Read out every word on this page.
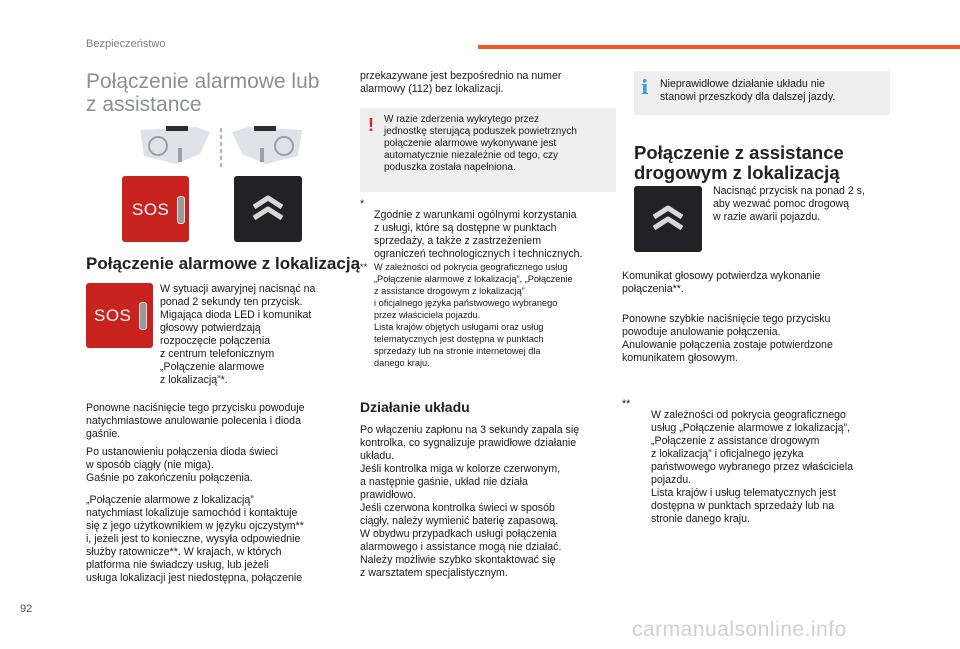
Bezpieczeństwo
Połączenie alarmowe lub
z assistance
SOS
Połączenie alarmowe z lokalizacją
SOS

W sytuacji awaryjnej nacisnąć na
ponad 2 sekundy ten przycisk.
Migająca dioda LED i komunikat
głosowy potwierdzają
rozpoczęcie połączenia
z centrum telefonicznym
„Połączenie alarmowe
z lokalizacją”*.

Ponowne naciśnięcie tego przycisku powoduje
natychmiastowe anulowanie polecenia i dioda
gaśnie.

Po ustanowieniu połączenia dioda świeci
w sposób ciągły (nie miga).
Gaśnie po zakończeniu połączenia.

„Połączenie alarmowe z lokalizacją”
natychmiast lokalizuje samochód i kontaktuje
się z jego użytkownikiem w języku ojczystym**
i, jeżeli jest to konieczne, wysyła odpowiednie
służby ratownicze**. W krajach, w których
platforma nie świadczy usług, lub jeżeli
usługa lokalizacji jest niedostępna, połączenie

przekazywane jest bezpośrednio na numer
alarmowy (112) bez lokalizacji.

! W razie zderzenia wykrytego przez
jednostkę sterującą poduszek powietrznych
połączenie alarmowe wykonywane jest
automatycznie niezależnie od tego, czy
poduszka została napełniona.

*

Zgodnie z warunkami ogólnymi korzystania
z usługi, które są dostępne w punktach
sprzedaży, a także z zastrzeżeniem
ograniczeń technologicznych i technicznych.

** W zależności od pokrycia geograficznego usług
„Połączenie alarmowe z lokalizacją”, „Połączenie
z assistance drogowym z lokalizacją”
i oficjalnego języka państwowego wybranego
przez właściciela pojazdu.
Lista krajów objętych usługami oraz usług
telematycznych jest dostępna w punktach
sprzedaży lub na stronie internetowej dla
danego kraju.

Działanie układu

Po włączeniu zapłonu na 3 sekundy zapala się
kontrolka, co sygnalizuje prawidłowe działanie
układu.
Jeśli kontrolka miga w kolorze czerwonym,
a następnie gaśnie, układ nie działa
prawidłowo.
Jeśli czerwona kontrolka świeci w sposób
ciągły, należy wymienić baterię zapasową.
W obydwu przypadkach usługi połączenia
alarmowego i assistance mogą nie działać.
Należy możliwie szybko skontaktować się
z warsztatem specjalistycznym.

i Nieprawidłowe działanie układu nie
stanowi przeszkody dla dalszej jazdy.

Połączenie z assistance
drogowym z lokalizacją

Nacisnąć przycisk na ponad 2 s,
aby wezwać pomoc drogową
w razie awarii pojazdu.

Komunikat głosowy potwierdza wykonanie
połączenia**.

Ponowne szybkie naciśnięcie tego przycisku
powoduje anulowanie połączenia.
Anulowanie połączenia zostaje potwierdzone
komunikatem głosowym.

**

W zależności od pokrycia geograficznego
usług „Połączenie alarmowe z lokalizacją”,
„Połączenie z assistance drogowym
z lokalizacją” i oficjalnego języka
państwowego wybranego przez właściciela
pojazdu.
Lista krajów i usług telematycznych jest
dostępna w punktach sprzedaży lub na
stronie danego kraju.

92
carmanualsonline.info
